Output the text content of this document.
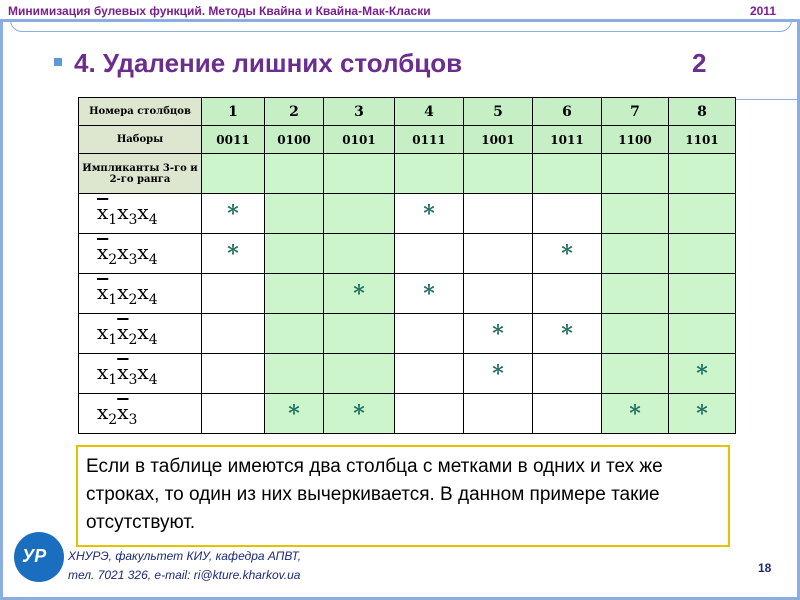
Минимизация булевых функций. Методы Квайна и Квайна-Мак-Класки	2011
4. Удаление лишних столбцов	2
Номера столбцов	1	2	3	4	5	6	7	8
Наборы	0011	0100	0101	0111	1001	1011	1100	1101
Импликанты 3-го и 2-го ранга								
$\overline{x}_1x_3x_4$	*			*				
$\overline{x}_2x_3x_4$	*					*		
$\overline{x}_1x_2x_4$			*	*				
$x_1\overline{x}_2x_4$					*	*		
$x_1\overline{x}_3x_4$					*			*
$x_2\overline{x}_3$		*	*				*	*
Если в таблице имеются два столбца с метками в одних и тех же строках, то один из них вычеркивается. В данном примере такие отсутствуют.
УР ХНУРЭ, факультет КИУ, кафедра АПВТ,
тел. 7021 326, e-mail: ri@kture.kharkov.ua	18
